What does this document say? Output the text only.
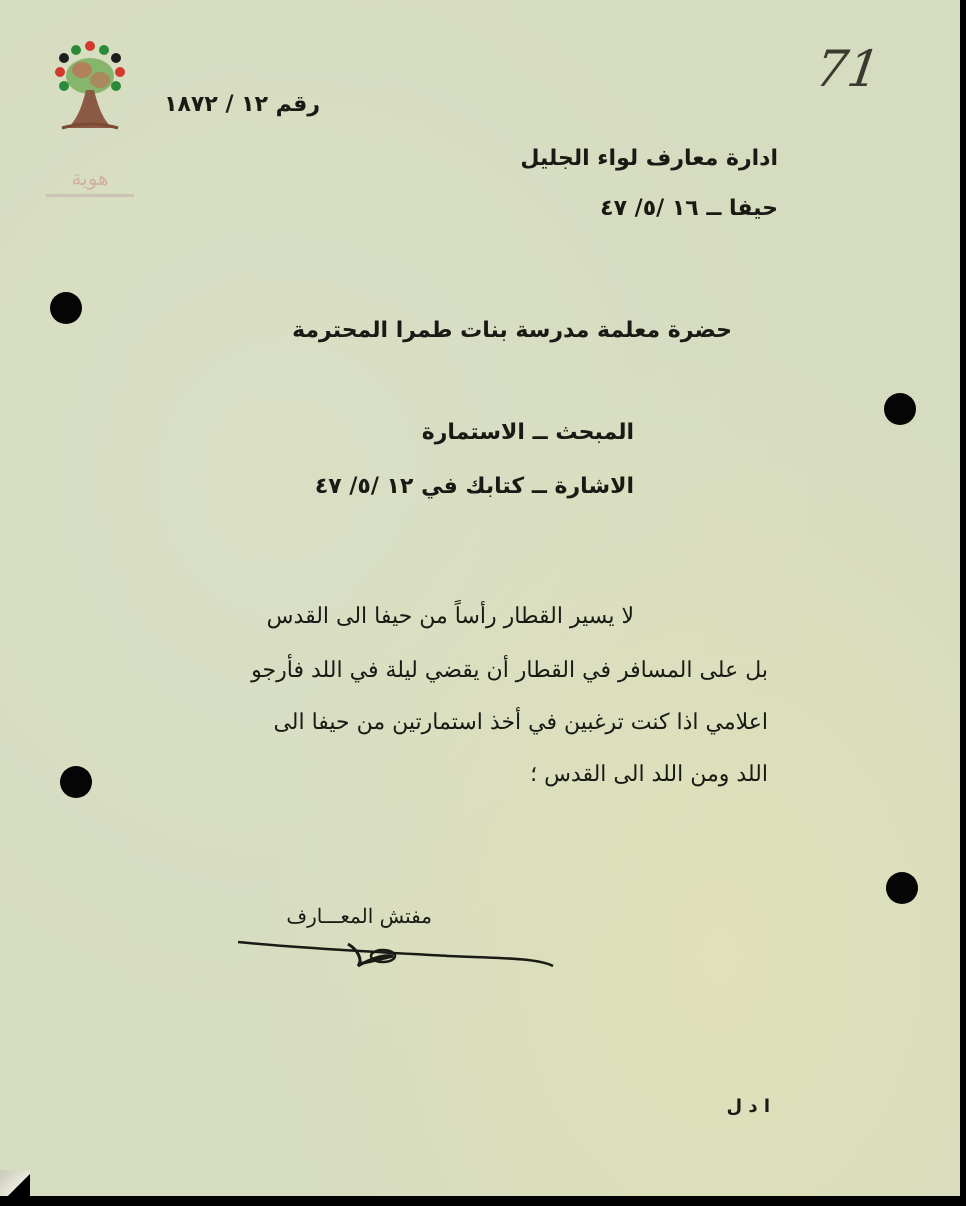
هوية
71
رقم ١٢ / ١٨٧٢
ادارة معارف لواء الجليل
حيفا ــ ١٦ /٥/ ٤٧
حضرة معلمة مدرسة بنات طمرا المحترمة
المبحث ــ الاستمارة
الاشارة ــ كتابك في ١٢ /٥/ ٤٧
لا يسير القطار رأساً من حيفا الى القدس
بل على المسافر في القطار أن يقضي ليلة في اللد فأرجو
اعلامي اذا كنت ترغبين في أخذ استمارتين من حيفا الى
اللد ومن اللد الى القدس ؛
مفتش المعـــارف
ا د ل
